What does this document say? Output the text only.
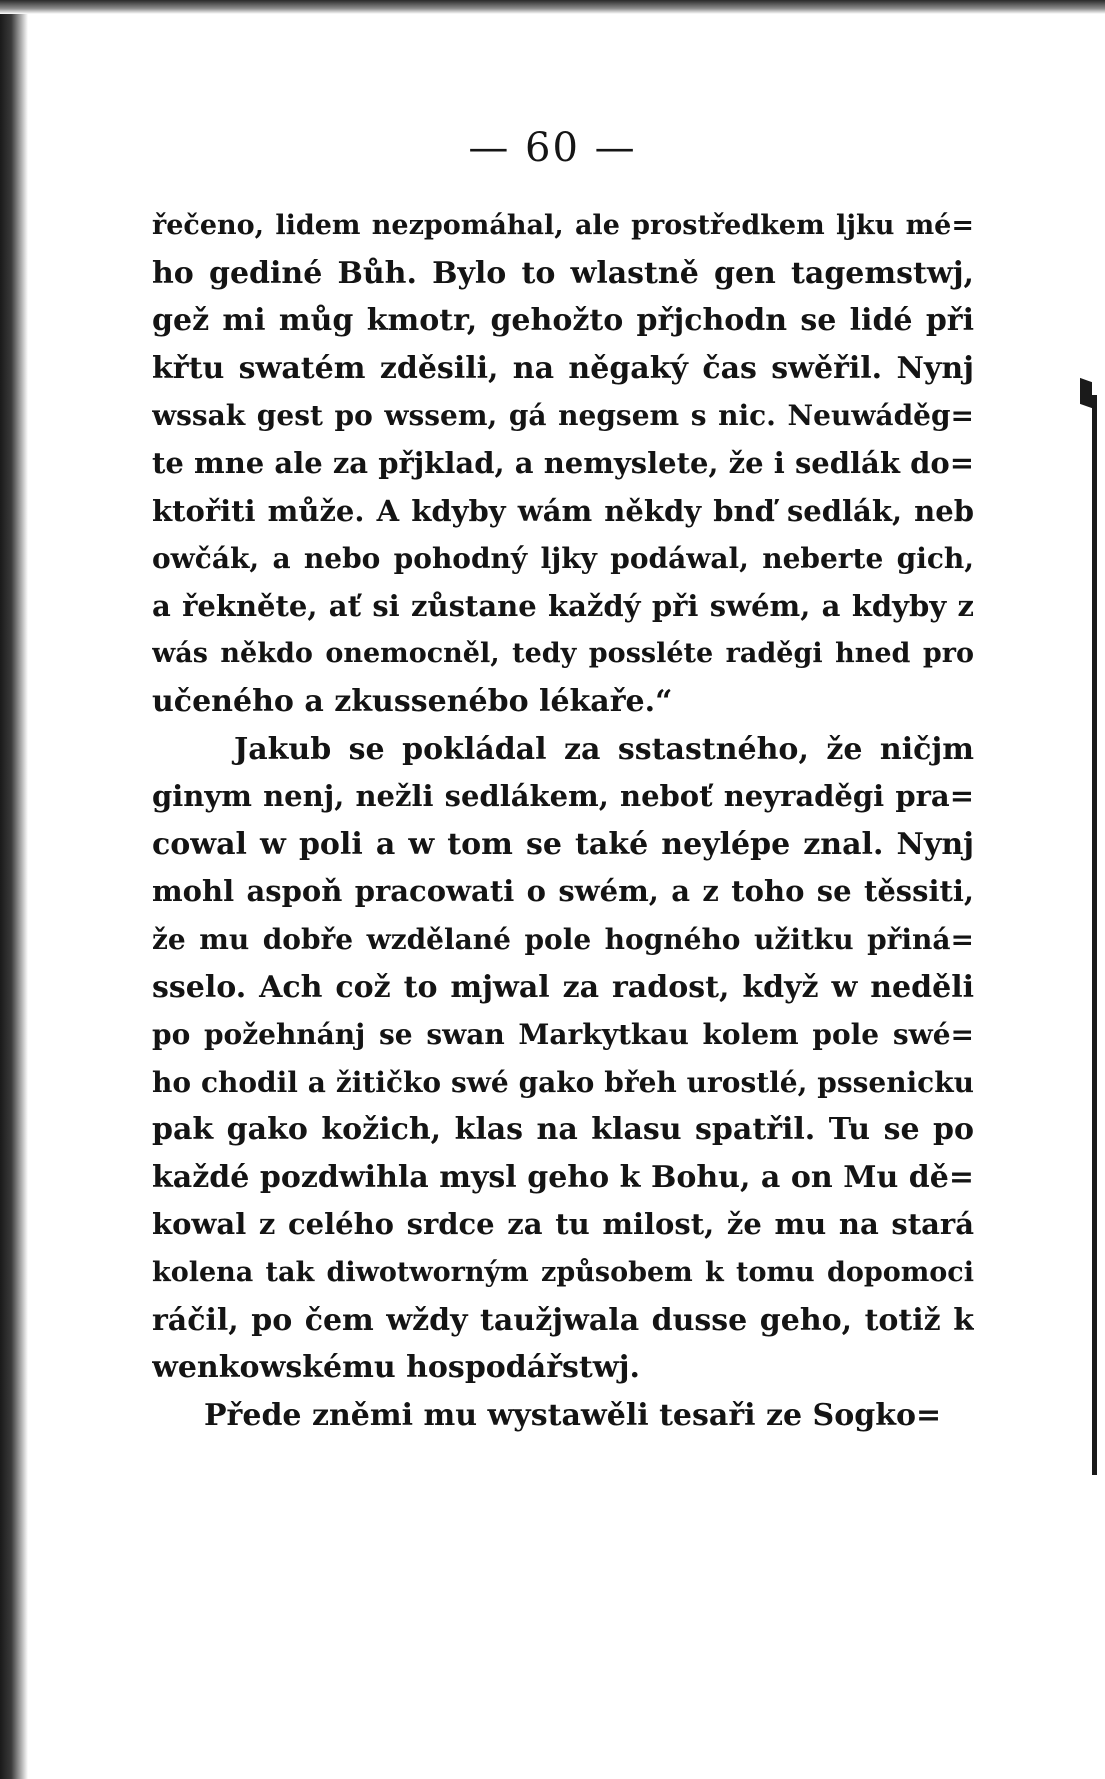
— 60 —
řečeno, lidem nezpomáhal, ale prostředkem ljku mé=
ho gediné Bůh. Bylo to wlastně gen tagemstwj,
gež mi můg kmotr, gehožto přjchodn se lidé při
křtu swatém zděsili, na něgaký čas swěřil. Nynj
wssak gest po wssem, gá negsem s nic. Neuwáděg=
te mne ale za přjklad, a nemyslete, že i sedlák do=
ktořiti může. A kdyby wám někdy bnď sedlák, neb
owčák, a nebo pohodný ljky podáwal, neberte gich,
a řekněte, ať si zůstane každý při swém, a kdyby z
wás někdo onemocněl, tedy possléte raděgi hned pro
učeného a zkussenébo lékaře.“
Jakub se pokládal za sstastného, že ničjm
ginym nenj, nežli sedlákem, neboť neyraděgi pra=
cowal w poli a w tom se také neylépe znal. Nynj
mohl aspoň pracowati o swém, a z toho se těssiti,
že mu dobře wzdělané pole hogného užitku přiná=
sselo. Ach což to mjwal za radost, když w neděli
po požehnánj se swan Markytkau kolem pole swé=
ho chodil a žitičko swé gako břeh urostlé, pssenicku
pak gako kožich, klas na klasu spatřil. Tu se po
každé pozdwihla mysl geho k Bohu, a on Mu dě=
kowal z celého srdce za tu milost, že mu na stará
kolena tak diwotworným způsobem k tomu dopomoci
ráčil, po čem wždy taužjwala dusse geho, totiž k
wenkowskému hospodářstwj.
Přede zněmi mu wystawěli tesaři ze Sogko=
